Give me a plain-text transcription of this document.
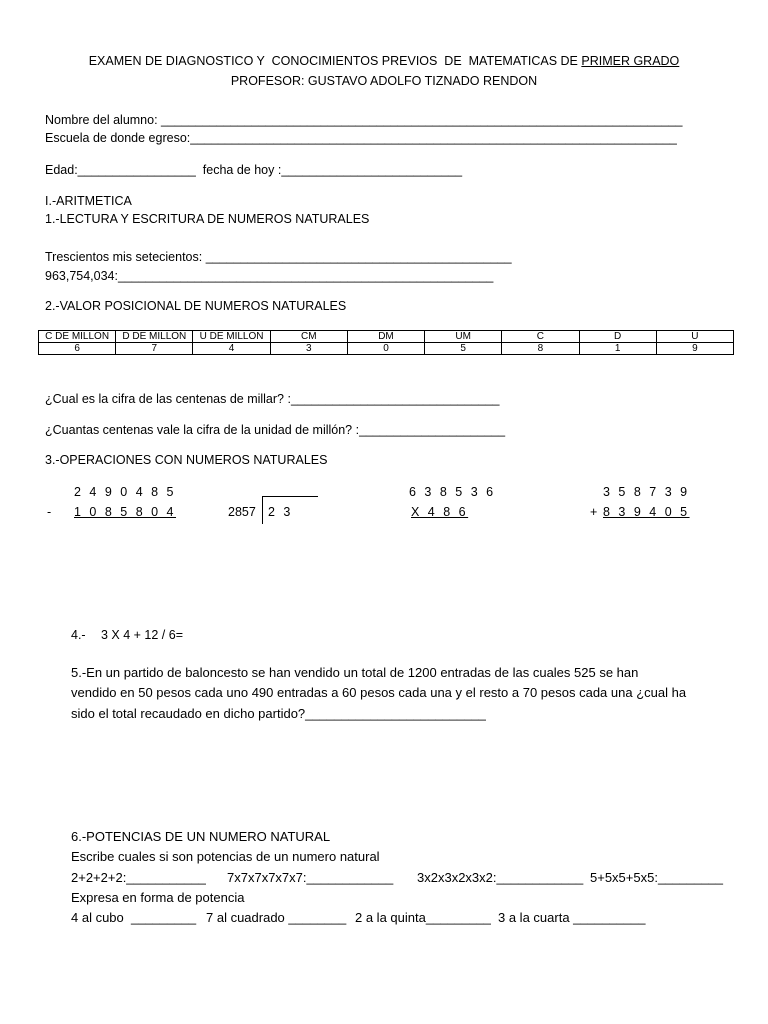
EXAMEN DE DIAGNOSTICO Y  CONOCIMIENTOS PREVIOS  DE  MATEMATICAS DE PRIMER GRADO
PROFESOR: GUSTAVO ADOLFO TIZNADO RENDON
Nombre del alumno: ___________________________________________________________________________
Escuela de donde egreso:______________________________________________________________________
Edad:_________________  fecha de hoy :__________________________
I.-ARITMETICA
1.-LECTURA Y ESCRITURA DE NUMEROS NATURALES
Trescientos mis setecientos: ____________________________________________
963,754,034:______________________________________________________
2.-VALOR POSICIONAL DE NUMEROS NATURALES
C DE MILLON	D DE MILLON	U DE MILLON	CM	DM	UM	C	D	U
6	7	4	3	0	5	8	1	9
¿Cual es la cifra de las centenas de millar? :______________________________
¿Cuantas centenas vale la cifra de la unidad de millón? :_____________________
3.-OPERACIONES CON NUMEROS NATURALES
2 4 9 0 4 8 5
- 1 0 8 5 8 0 4	2857 2 3
6 3 8 5 3 6
X 4 8 6
3 5 8 7 3 9
+ 8 3 9 4 0 5
4.- 3 X 4 + 12 / 6=
5.-En un partido de baloncesto se han vendido un total de 1200 entradas de las cuales 525 se han
vendido en 50 pesos cada uno 490 entradas a 60 pesos cada una y el resto a 70 pesos cada una ¿cual ha
sido el total recaudado en dicho partido?_________________________
6.-POTENCIAS DE UN NUMERO NATURAL
Escribe cuales si son potencias de un numero natural
2+2+2+2:___________ 7x7x7x7x7x7:____________ 3x2x3x2x3x2:____________ 5+5x5+5x5:_________
Expresa en forma de potencia
4 al cubo  _________ 7 al cuadrado ________ 2 a la quinta_________ 3 a la cuarta __________
